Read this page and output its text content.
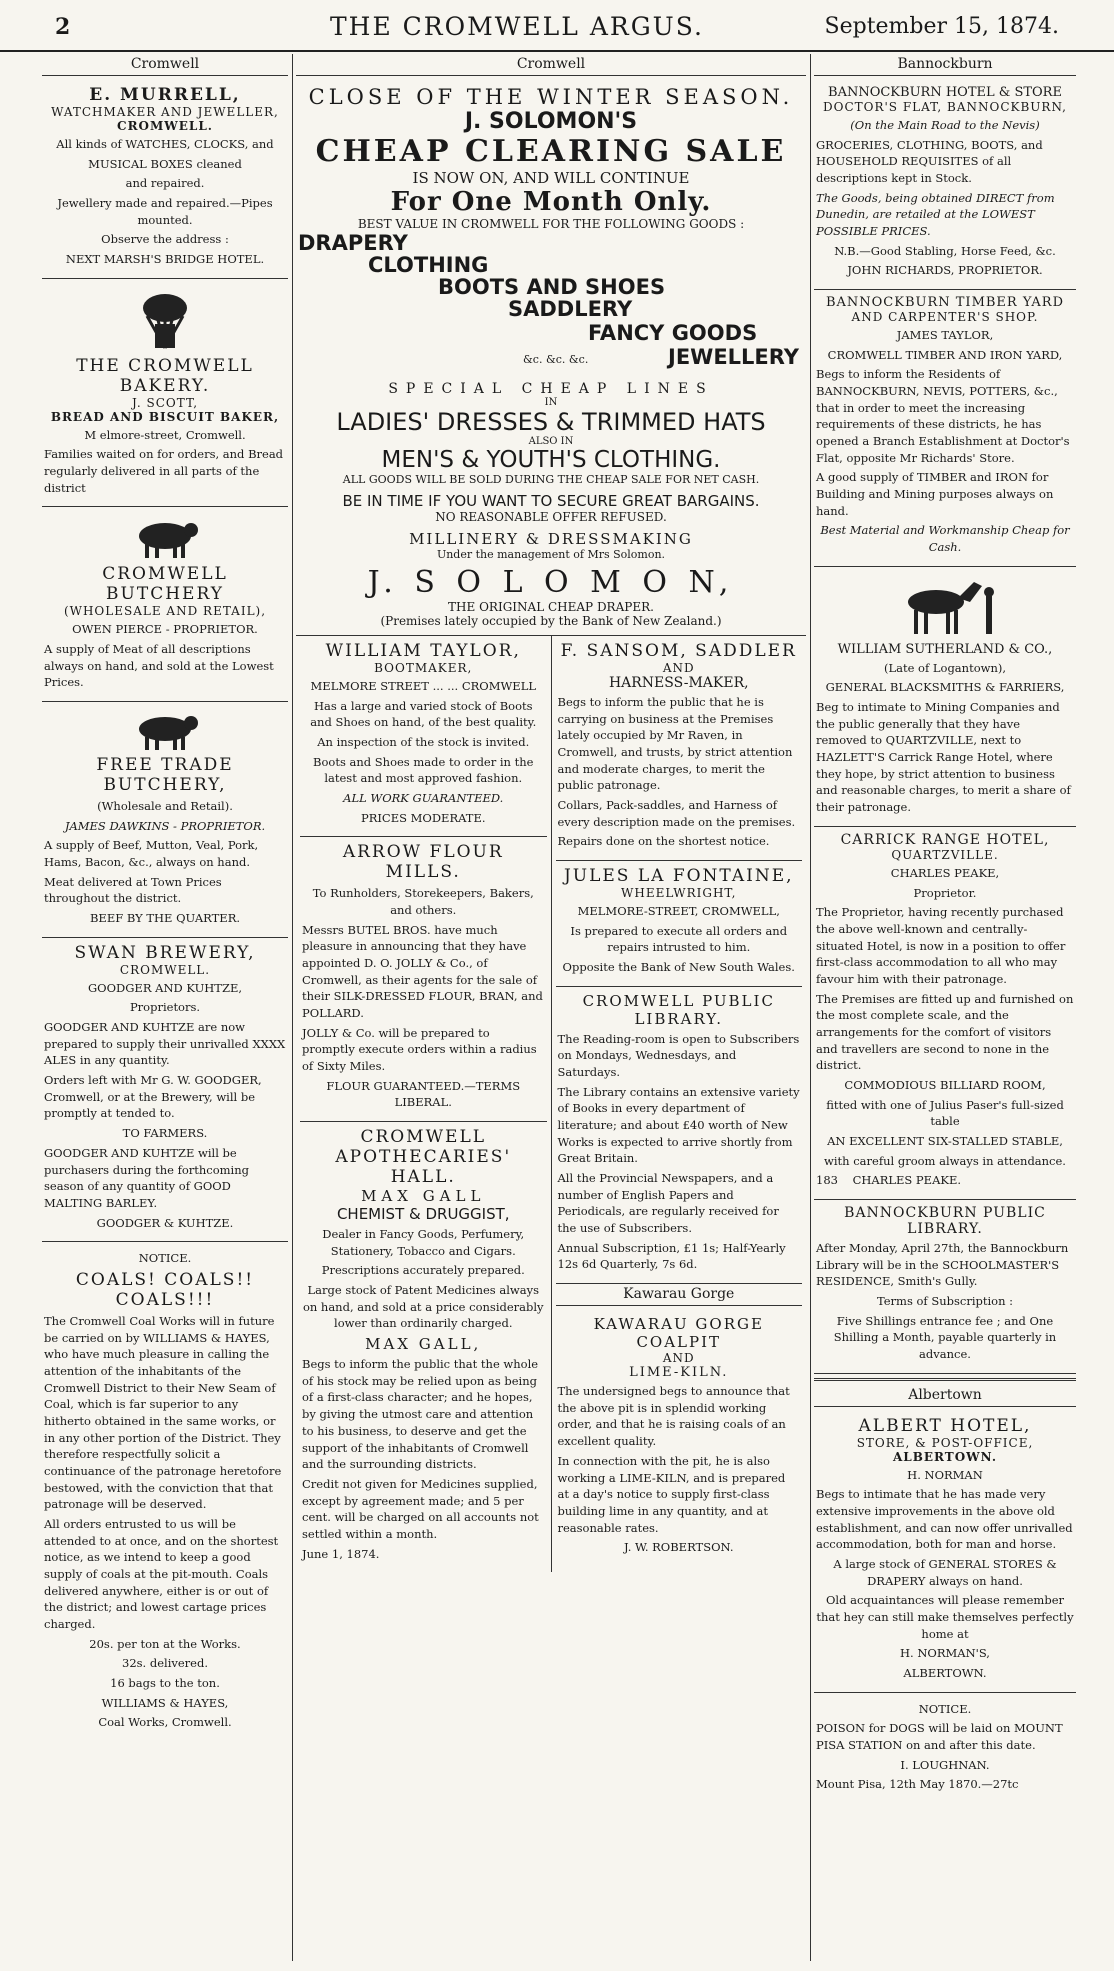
2	THE CROMWELL ARGUS.	September 15, 1874.
Cromwell
E. MURRELL,
WATCHMAKER AND JEWELLER,
CROMWELL.

All kinds of WATCHES, CLOCKS, and

MUSICAL BOXES cleaned

and repaired.

Jewellery made and repaired.—Pipes mounted.

Observe the address :

NEXT MARSH'S BRIDGE HOTEL.

THE CROMWELL BAKERY.
J. SCOTT,
BREAD AND BISCUIT BAKER,

M elmore-street, Cromwell.

Families waited on for orders, and Bread regularly delivered in all parts of the district

CROMWELL BUTCHERY
(WHOLESALE AND RETAIL),

OWEN PIERCE - PROPRIETOR.

A supply of Meat of all descriptions always on hand, and sold at the Lowest Prices.

FREE TRADE BUTCHERY,

(Wholesale and Retail).

JAMES DAWKINS - PROPRIETOR.

A supply of Beef, Mutton, Veal, Pork, Hams, Bacon, &c., always on hand.

Meat delivered at Town Prices throughout the district.

BEEF BY THE QUARTER.

SWAN BREWERY,
CROMWELL.

GOODGER AND KUHTZE,

Proprietors.

GOODGER AND KUHTZE are now prepared to supply their unrivalled XXXX ALES in any quantity.

Orders left with Mr G. W. GOODGER, Cromwell, or at the Brewery, will be promptly at tended to.

TO FARMERS.

GOODGER AND KUHTZE will be purchasers during the forthcoming season of any quantity of GOOD MALTING BARLEY.

GOODGER & KUHTZE.

NOTICE.

COALS! COALS!! COALS!!!

The Cromwell Coal Works will in future be carried on by WILLIAMS & HAYES, who have much pleasure in calling the attention of the inhabitants of the Cromwell District to their New Seam of Coal, which is far superior to any hitherto obtained in the same works, or in any other portion of the District. They therefore respectfully solicit a continuance of the patronage heretofore bestowed, with the conviction that that patronage will be deserved.

All orders entrusted to us will be attended to at once, and on the shortest notice, as we intend to keep a good supply of coals at the pit-mouth. Coals delivered anywhere, either is or out of the district; and lowest cartage prices charged.

20s. per ton at the Works.

32s. delivered.

16 bags to the ton.

WILLIAMS & HAYES,

Coal Works, Cromwell.

Cromwell
CLOSE OF THE WINTER SEASON.
J. SOLOMON'S
CHEAP CLEARING SALE
IS NOW ON, AND WILL CONTINUE
For One Month Only.
BEST VALUE IN CROMWELL FOR THE FOLLOWING GOODS :
DRAPERY
CLOTHING
BOOTS AND SHOES
SADDLERY
FANCY GOODS
JEWELLERY
&c. &c. &c.
SPECIAL CHEAP LINES
IN
LADIES' DRESSES & TRIMMED HATS
ALSO IN
MEN'S & YOUTH'S CLOTHING.
ALL GOODS WILL BE SOLD DURING THE CHEAP SALE FOR NET CASH.
BE IN TIME IF YOU WANT TO SECURE GREAT BARGAINS.
NO REASONABLE OFFER REFUSED.
MILLINERY & DRESSMAKING
Under the management of Mrs Solomon.
J. S O L O M O N,
THE ORIGINAL CHEAP DRAPER.
(Premises lately occupied by the Bank of New Zealand.)
WILLIAM TAYLOR,
BOOTMAKER,

MELMORE STREET ... ... CROMWELL

Has a large and varied stock of Boots and Shoes on hand, of the best quality.

An inspection of the stock is invited.

Boots and Shoes made to order in the latest and most approved fashion.

ALL WORK GUARANTEED.

PRICES MODERATE.

ARROW FLOUR MILLS.

To Runholders, Storekeepers, Bakers, and others.

Messrs BUTEL BROS. have much pleasure in announcing that they have appointed D. O. JOLLY & Co., of Cromwell, as their agents for the sale of their SILK-DRESSED FLOUR, BRAN, and POLLARD.

JOLLY & Co. will be prepared to promptly execute orders within a radius of Sixty Miles.

FLOUR GUARANTEED.—TERMS LIBERAL.

CROMWELL APOTHECARIES' HALL.
MAX GALL
CHEMIST & DRUGGIST,

Dealer in Fancy Goods, Perfumery, Stationery, Tobacco and Cigars.

Prescriptions accurately prepared.

Large stock of Patent Medicines always on hand, and sold at a price considerably lower than ordinarily charged.

MAX GALL,

Begs to inform the public that the whole of his stock may be relied upon as being of a first-class character; and he hopes, by giving the utmost care and attention to his business, to deserve and get the support of the inhabitants of Cromwell and the surrounding districts.

Credit not given for Medicines supplied, except by agreement made; and 5 per cent. will be charged on all accounts not settled within a month.

June 1, 1874.

F. SANSOM, SADDLER
AND
HARNESS-MAKER,

Begs to inform the public that he is carrying on business at the Premises lately occupied by Mr Raven, in Cromwell, and trusts, by strict attention and moderate charges, to merit the public patronage.

Collars, Pack-saddles, and Harness of every description made on the premises.

Repairs done on the shortest notice.

JULES LA FONTAINE,
WHEELWRIGHT,

MELMORE-STREET, CROMWELL,

Is prepared to execute all orders and repairs intrusted to him.

Opposite the Bank of New South Wales.

CROMWELL PUBLIC LIBRARY.

The Reading-room is open to Subscribers on Mondays, Wednesdays, and Saturdays.

The Library contains an extensive variety of Books in every department of literature; and about £40 worth of New Works is expected to arrive shortly from Great Britain.

All the Provincial Newspapers, and a number of English Papers and Periodicals, are regularly received for the use of Subscribers.

Annual Subscription, £1 1s; Half-Yearly 12s 6d Quarterly, 7s 6d.

Kawarau Gorge
KAWARAU GORGE COALPIT
AND
LIME-KILN.

The undersigned begs to announce that the above pit is in splendid working order, and that he is raising coals of an excellent quality.

In connection with the pit, he is also working a LIME-KILN, and is prepared at a day's notice to supply first-class building lime in any quantity, and at reasonable rates.

J. W. ROBERTSON.

Bannockburn
BANNOCKBURN HOTEL & STORE
DOCTOR'S FLAT, BANNOCKBURN,

(On the Main Road to the Nevis)

GROCERIES, CLOTHING, BOOTS, and HOUSEHOLD REQUISITES of all descriptions kept in Stock.

The Goods, being obtained DIRECT from Dunedin, are retailed at the LOWEST POSSIBLE PRICES.

N.B.—Good Stabling, Horse Feed, &c.

JOHN RICHARDS, PROPRIETOR.

BANNOCKBURN TIMBER YARD
AND CARPENTER'S SHOP.

JAMES TAYLOR,

CROMWELL TIMBER AND IRON YARD,

Begs to inform the Residents of BANNOCKBURN, NEVIS, POTTERS, &c., that in order to meet the increasing requirements of these districts, he has opened a Branch Establishment at Doctor's Flat, opposite Mr Richards' Store.

A good supply of TIMBER and IRON for Building and Mining purposes always on hand.

Best Material and Workmanship Cheap for Cash.

WILLIAM SUTHERLAND & CO.,

(Late of Logantown),

GENERAL BLACKSMITHS & FARRIERS,

Beg to intimate to Mining Companies and the public generally that they have removed to QUARTZVILLE, next to HAZLETT'S Carrick Range Hotel, where they hope, by strict attention to business and reasonable charges, to merit a share of their patronage.

CARRICK RANGE HOTEL,
QUARTZVILLE.

CHARLES PEAKE,

Proprietor.

The Proprietor, having recently purchased the above well-known and centrally-situated Hotel, is now in a position to offer first-class accommodation to all who may favour him with their patronage.

The Premises are fitted up and furnished on the most complete scale, and the arrangements for the comfort of visitors and travellers are second to none in the district.

COMMODIOUS BILLIARD ROOM,

fitted with one of Julius Paser's full-sized table

AN EXCELLENT SIX-STALLED STABLE,

with careful groom always in attendance.

183 CHARLES PEAKE.

BANNOCKBURN PUBLIC LIBRARY.

After Monday, April 27th, the Bannockburn Library will be in the SCHOOLMASTER'S RESIDENCE, Smith's Gully.

Terms of Subscription :

Five Shillings entrance fee ; and One Shilling a Month, payable quarterly in advance.

Albertown
ALBERT HOTEL,
STORE, & POST-OFFICE,
ALBERTOWN.

H. NORMAN

Begs to intimate that he has made very extensive improvements in the above old establishment, and can now offer unrivalled accommodation, both for man and horse.

A large stock of GENERAL STORES & DRAPERY always on hand.

Old acquaintances will please remember that hey can still make themselves perfectly home at

H. NORMAN'S,

ALBERTOWN.

NOTICE.

POISON for DOGS will be laid on MOUNT PISA STATION on and after this date.

I. LOUGHNAN.

Mount Pisa, 12th May 1870.—27tc
